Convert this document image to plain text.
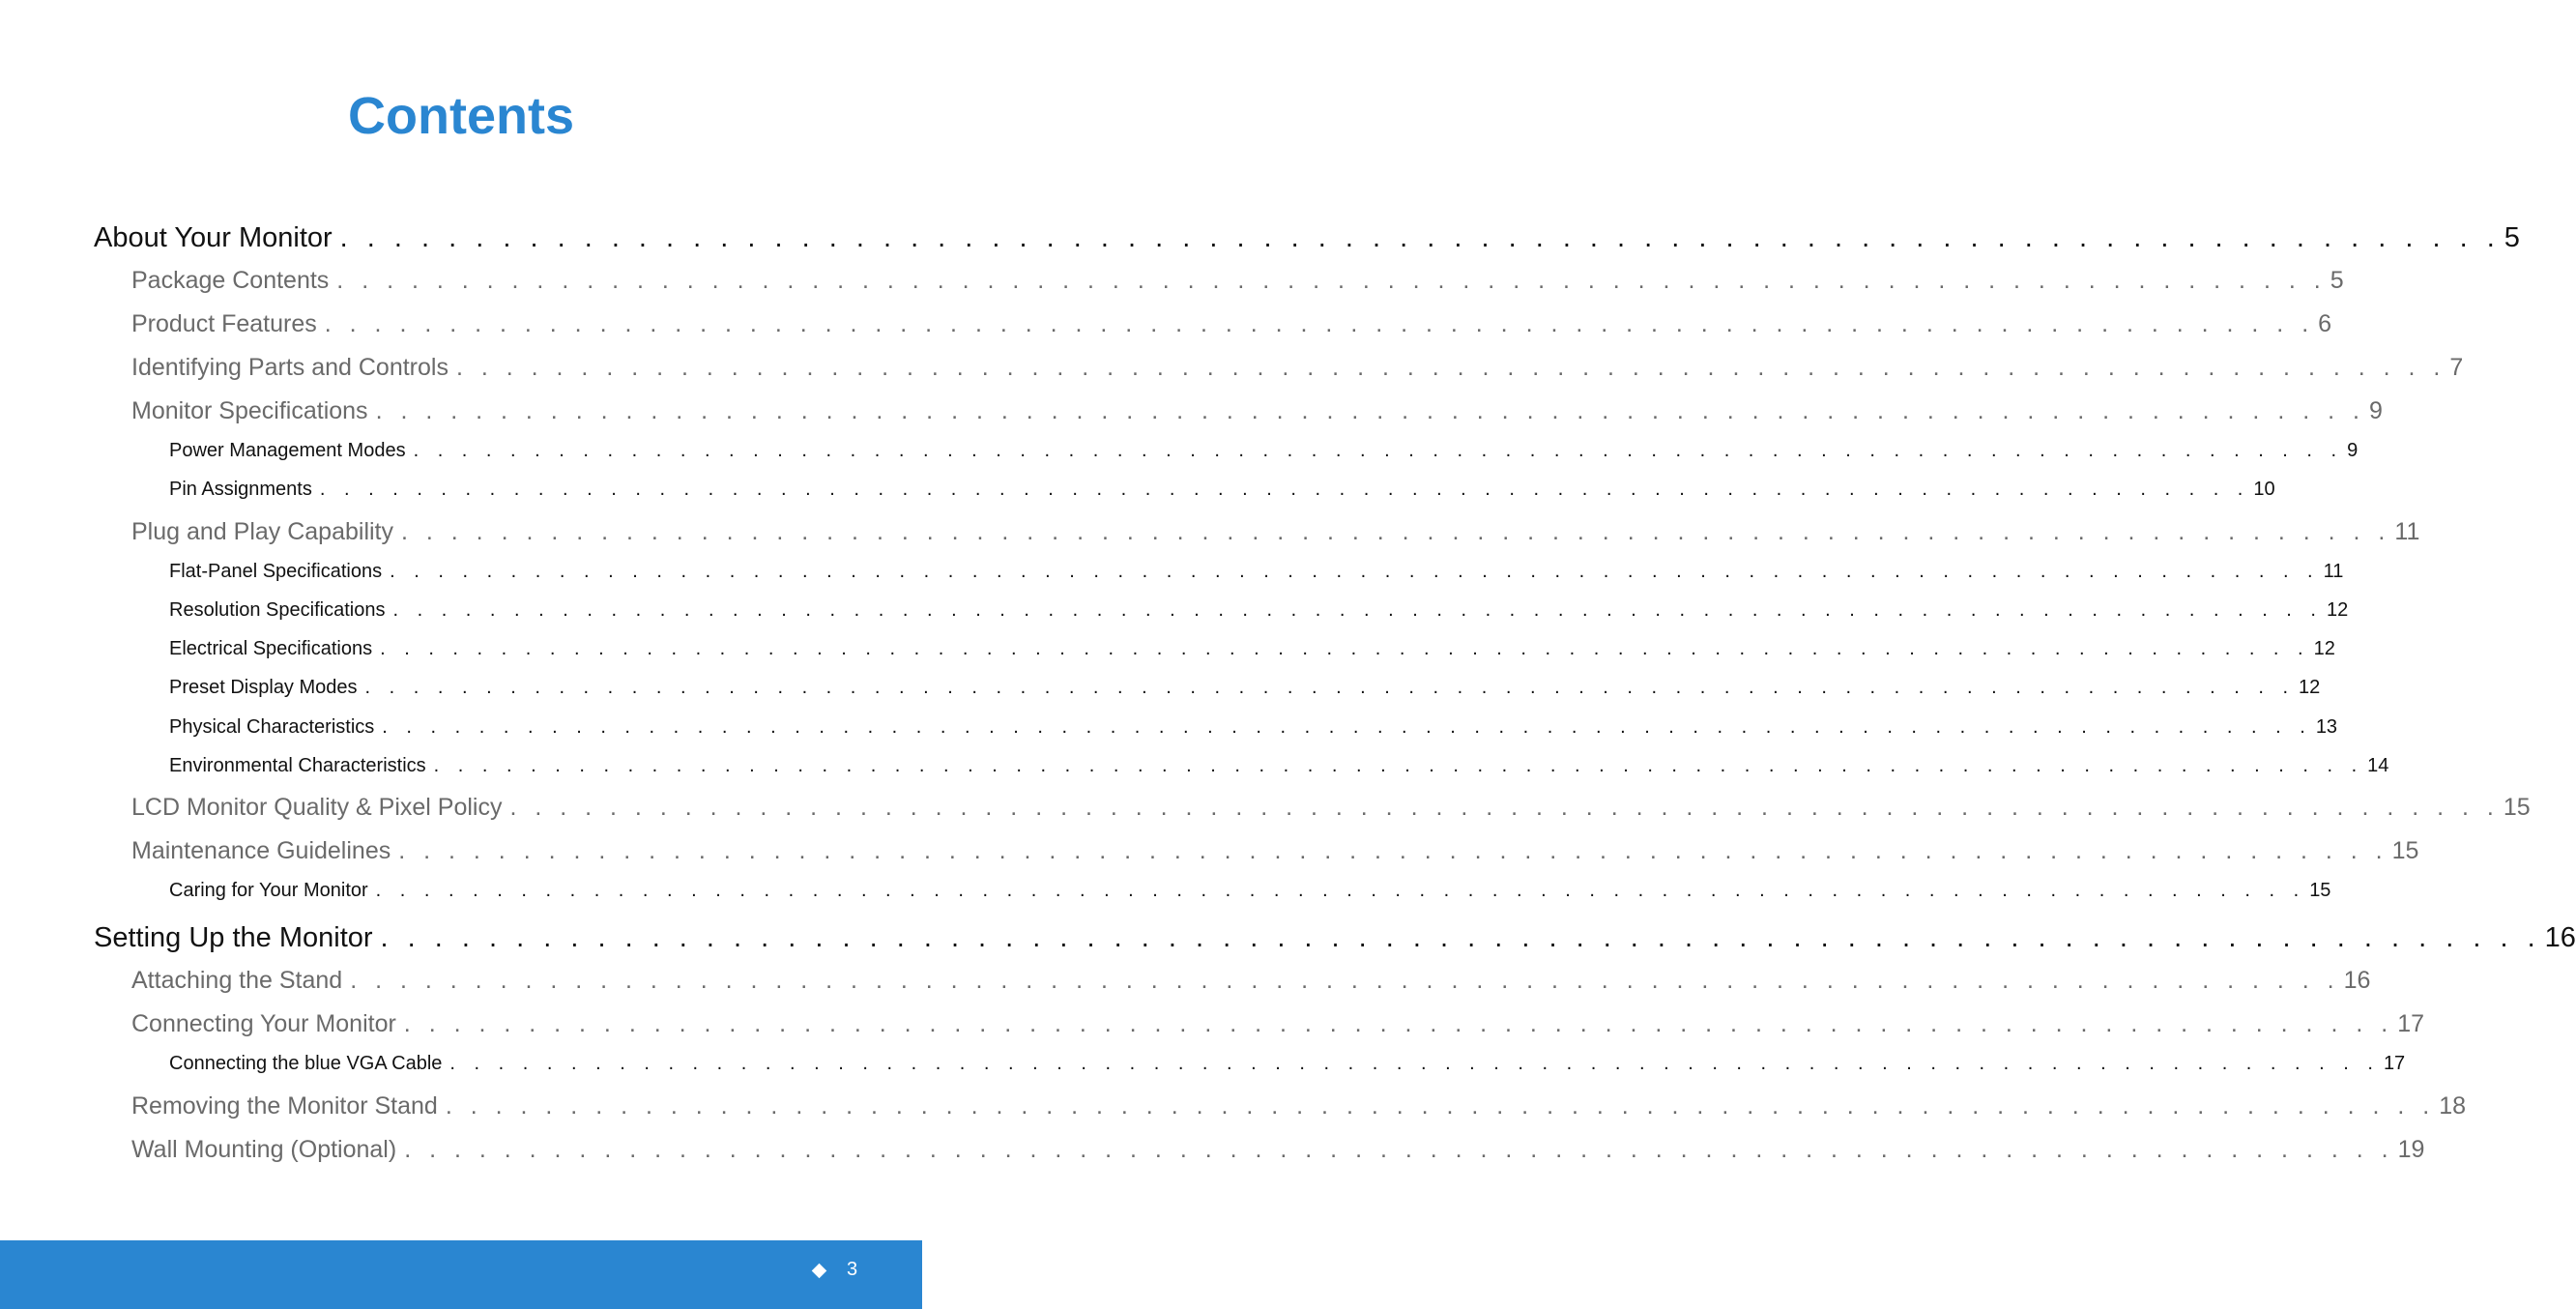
Contents
About Your Monitor . . . . . . . . . . . . . . . . . . . . . . . . . . . . . . . . . . . . . . . . . . . . . . . . . . . . . . . . . . . . . . . . . . . . . . . . . . . . . . . . 5
Package Contents . . . . . . . . . . . . . . . . . . . . . . . . . . . . . . . . . . . . . . . . . . . . . . . . . . . . . . . . . . . . . . . . . . . . . . . . . . . . . . . . 5
Product Features . . . . . . . . . . . . . . . . . . . . . . . . . . . . . . . . . . . . . . . . . . . . . . . . . . . . . . . . . . . . . . . . . . . . . . . . . . . . . . . . 6
Identifying Parts and Controls . . . . . . . . . . . . . . . . . . . . . . . . . . . . . . . . . . . . . . . . . . . . . . . . . . . . . . . . . . . . . . . . . . . . . . . . . . . . . . . . 7
Monitor Specifications . . . . . . . . . . . . . . . . . . . . . . . . . . . . . . . . . . . . . . . . . . . . . . . . . . . . . . . . . . . . . . . . . . . . . . . . . . . . . . . . 9
Power Management Modes . . . . . . . . . . . . . . . . . . . . . . . . . . . . . . . . . . . . . . . . . . . . . . . . . . . . . . . . . . . . . . . . . . . . . . . . . . . . . . . . 9
Pin Assignments . . . . . . . . . . . . . . . . . . . . . . . . . . . . . . . . . . . . . . . . . . . . . . . . . . . . . . . . . . . . . . . . . . . . . . . . . . . . . . . . 10
Plug and Play Capability . . . . . . . . . . . . . . . . . . . . . . . . . . . . . . . . . . . . . . . . . . . . . . . . . . . . . . . . . . . . . . . . . . . . . . . . . . . . . . . . 11
Flat-Panel Specifications . . . . . . . . . . . . . . . . . . . . . . . . . . . . . . . . . . . . . . . . . . . . . . . . . . . . . . . . . . . . . . . . . . . . . . . . . . . . . . . . 11
Resolution Specifications . . . . . . . . . . . . . . . . . . . . . . . . . . . . . . . . . . . . . . . . . . . . . . . . . . . . . . . . . . . . . . . . . . . . . . . . . . . . . . . . 12
Electrical Specifications . . . . . . . . . . . . . . . . . . . . . . . . . . . . . . . . . . . . . . . . . . . . . . . . . . . . . . . . . . . . . . . . . . . . . . . . . . . . . . . . 12
Preset Display Modes . . . . . . . . . . . . . . . . . . . . . . . . . . . . . . . . . . . . . . . . . . . . . . . . . . . . . . . . . . . . . . . . . . . . . . . . . . . . . . . . 12
Physical Characteristics . . . . . . . . . . . . . . . . . . . . . . . . . . . . . . . . . . . . . . . . . . . . . . . . . . . . . . . . . . . . . . . . . . . . . . . . . . . . . . . . 13
Environmental Characteristics . . . . . . . . . . . . . . . . . . . . . . . . . . . . . . . . . . . . . . . . . . . . . . . . . . . . . . . . . . . . . . . . . . . . . . . . . . . . . . . . 14
LCD Monitor Quality & Pixel Policy . . . . . . . . . . . . . . . . . . . . . . . . . . . . . . . . . . . . . . . . . . . . . . . . . . . . . . . . . . . . . . . . . . . . . . . . . . . . . . . . 15
Maintenance Guidelines . . . . . . . . . . . . . . . . . . . . . . . . . . . . . . . . . . . . . . . . . . . . . . . . . . . . . . . . . . . . . . . . . . . . . . . . . . . . . . . . 15
Caring for Your Monitor . . . . . . . . . . . . . . . . . . . . . . . . . . . . . . . . . . . . . . . . . . . . . . . . . . . . . . . . . . . . . . . . . . . . . . . . . . . . . . . . 15
Setting Up the Monitor . . . . . . . . . . . . . . . . . . . . . . . . . . . . . . . . . . . . . . . . . . . . . . . . . . . . . . . . . . . . . . . . . . . . . . . . . . . . . . . . 16
Attaching the Stand . . . . . . . . . . . . . . . . . . . . . . . . . . . . . . . . . . . . . . . . . . . . . . . . . . . . . . . . . . . . . . . . . . . . . . . . . . . . . . . . 16
Connecting Your Monitor . . . . . . . . . . . . . . . . . . . . . . . . . . . . . . . . . . . . . . . . . . . . . . . . . . . . . . . . . . . . . . . . . . . . . . . . . . . . . . . . 17
Connecting the blue VGA Cable . . . . . . . . . . . . . . . . . . . . . . . . . . . . . . . . . . . . . . . . . . . . . . . . . . . . . . . . . . . . . . . . . . . . . . . . . . . . . . . . 17
Removing the Monitor Stand . . . . . . . . . . . . . . . . . . . . . . . . . . . . . . . . . . . . . . . . . . . . . . . . . . . . . . . . . . . . . . . . . . . . . . . . . . . . . . . . 18
Wall Mounting (Optional) . . . . . . . . . . . . . . . . . . . . . . . . . . . . . . . . . . . . . . . . . . . . . . . . . . . . . . . . . . . . . . . . . . . . . . . . . . . . . . . . 19
3
